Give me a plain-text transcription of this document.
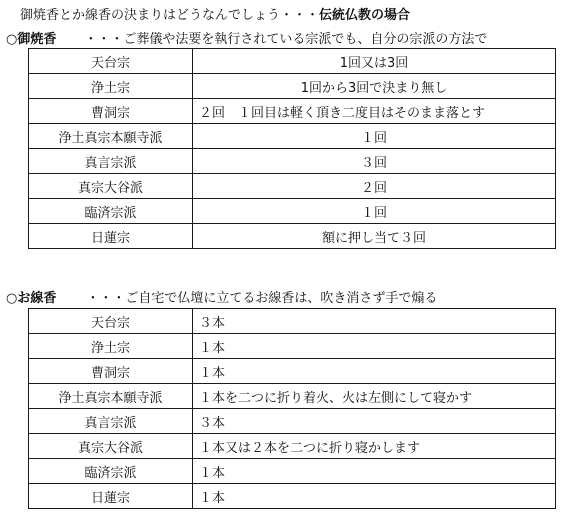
御焼香とか線香の決まりはどうなんでしょう・・・伝統仏教の場合
○御焼香 ・・・ご葬儀や法要を執行されている宗派でも、自分の宗派の方法で
天台宗	1回又は3回
浄土宗	1回から3回で決まり無し
曹洞宗	２回　１回目は軽く頂き二度目はそのまま落とす
浄土真宗本願寺派	１回
真言宗派	３回
真宗大谷派	２回
臨済宗派	１回
日蓮宗	額に押し当て３回
○お線香 ・・・ご自宅で仏壇に立てるお線香は、吹き消さず手で煽る
天台宗	３本
浄土宗	１本
曹洞宗	１本
浄土真宗本願寺派	１本を二つに折り着火、火は左側にして寝かす
真言宗派	３本
真宗大谷派	１本又は２本を二つに折り寝かします
臨済宗派	１本
日蓮宗	１本
